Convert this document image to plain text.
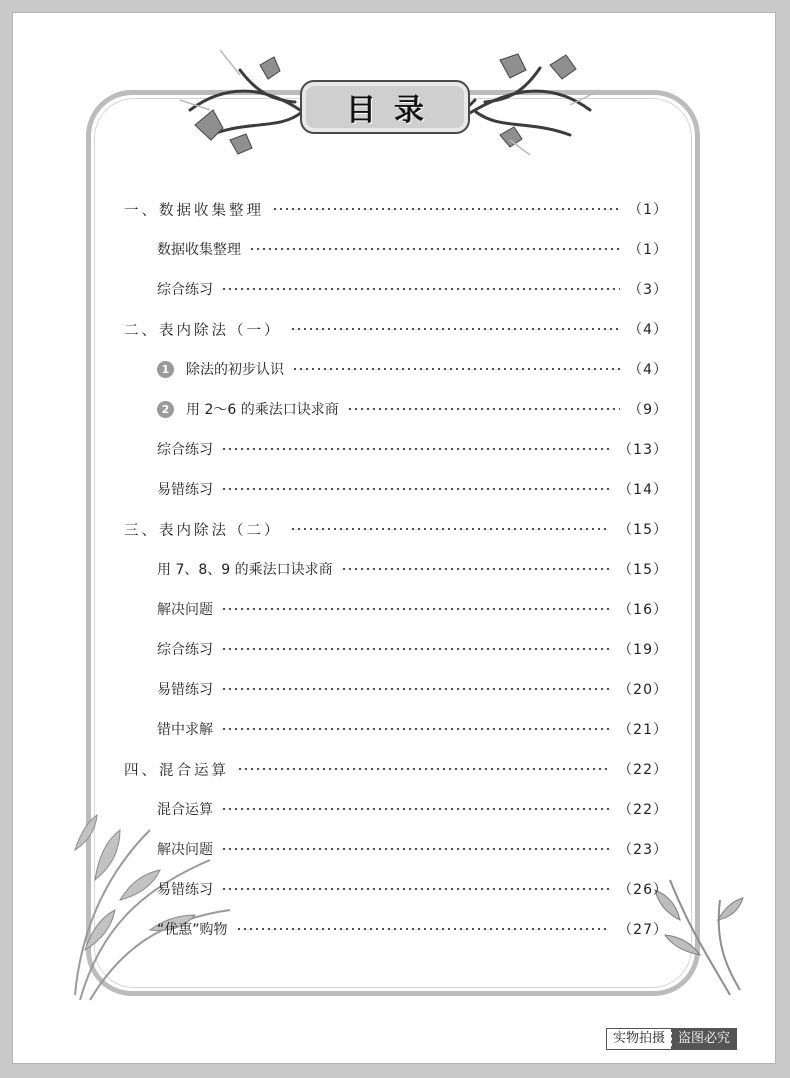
目录
一、数据收集整理	（1）
数据收集整理	（1）
综合练习	（3）
二、表内除法（一）	（4）
1	除法的初步认识	（4）
2	用 2～6 的乘法口诀求商	（9）
综合练习	（13）
易错练习	（14）
三、表内除法（二）	（15）
用 7、8、9 的乘法口诀求商	（15）
解决问题	（16）
综合练习	（19）
易错练习	（20）
错中求解	（21）
四、混合运算	（22）
混合运算	（22）
解决问题	（23）
易错练习	（26）
“优惠”购物	（27）
实物拍摄	盗图必究
